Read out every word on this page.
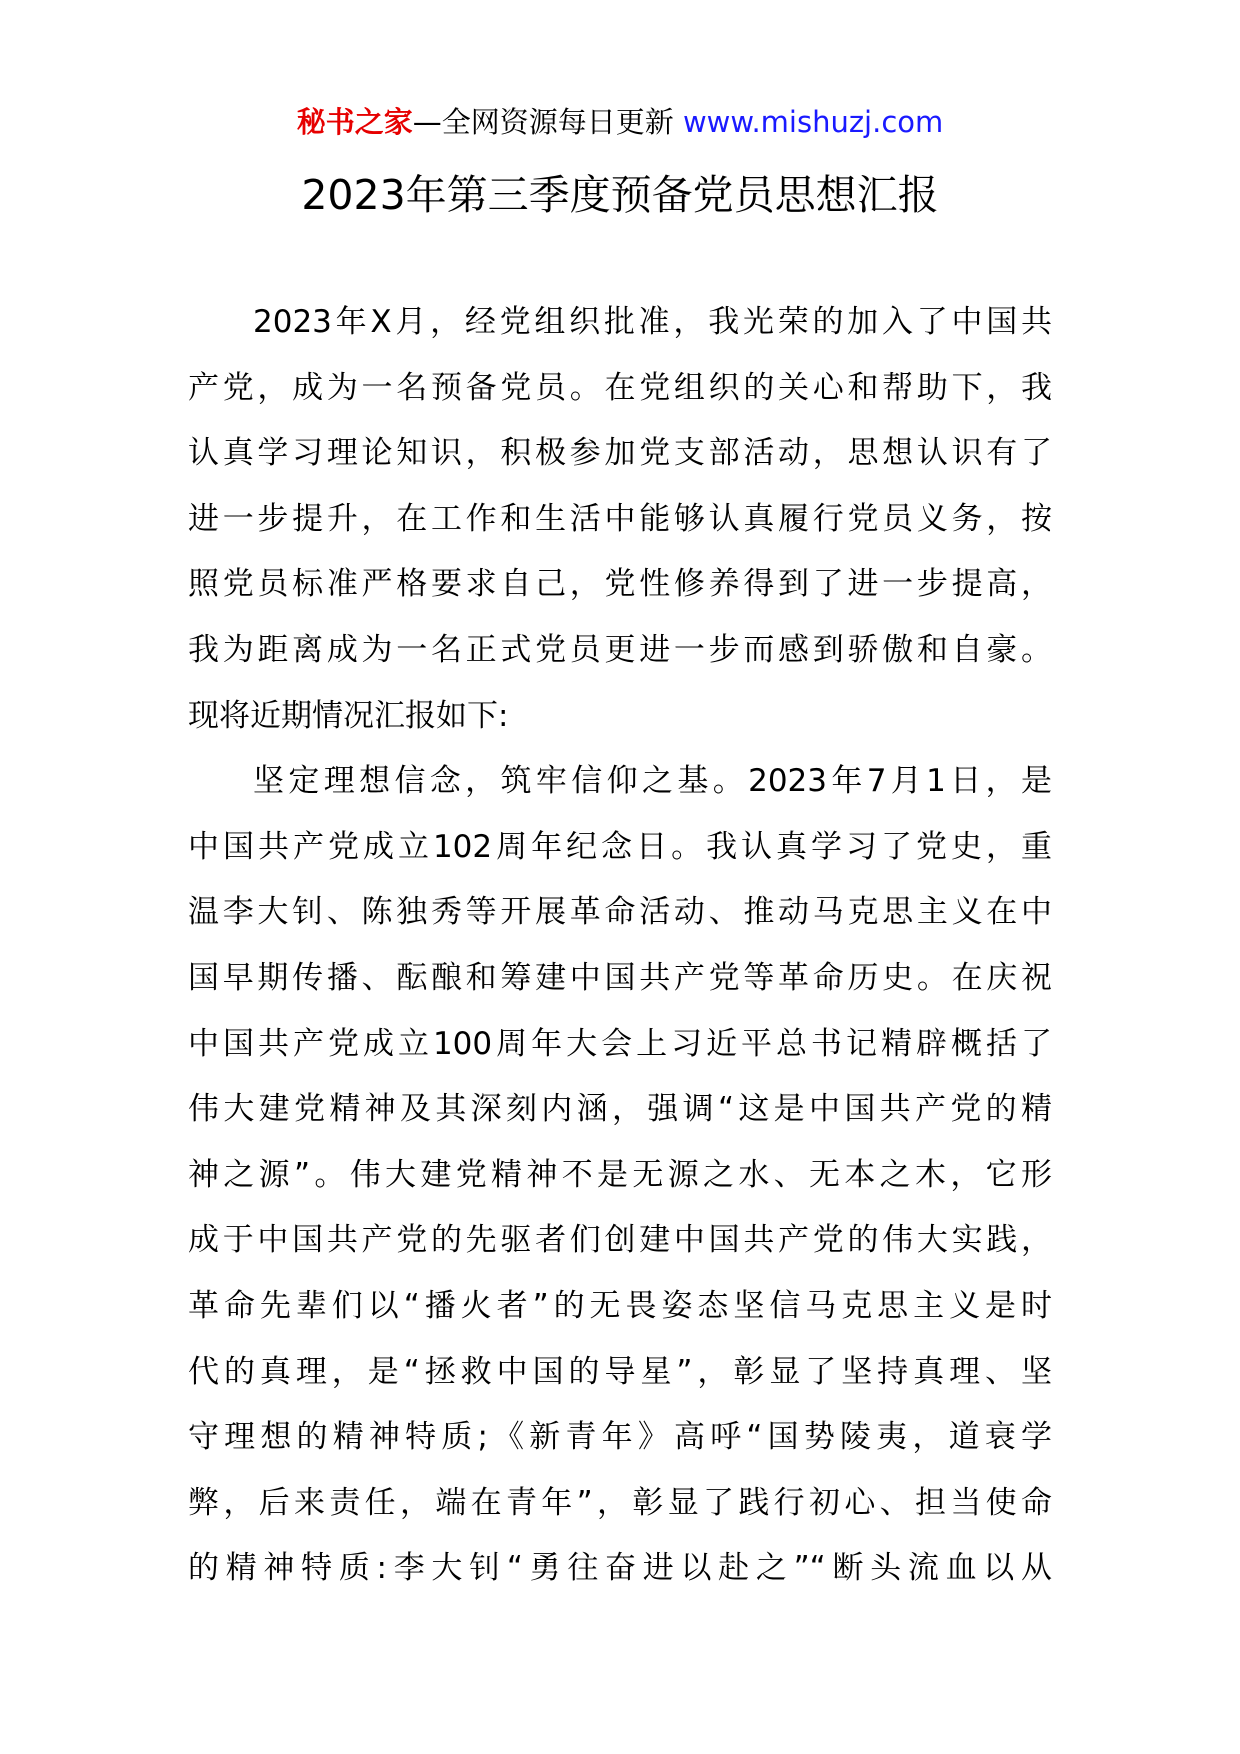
秘书之家—全网资源每日更新 www.mishuzj.com
2023年第三季度预备党员思想汇报
2023年X月，经党组织批准，我光荣的加入了中国共
产党，成为一名预备党员。在党组织的关心和帮助下，我
认真学习理论知识，积极参加党支部活动，思想认识有了
进一步提升，在工作和生活中能够认真履行党员义务，按
照党员标准严格要求自己，党性修养得到了进一步提高，
我为距离成为一名正式党员更进一步而感到骄傲和自豪。
现将近期情况汇报如下:
坚定理想信念，筑牢信仰之基。2023年7月1日，是
中国共产党成立102周年纪念日。我认真学习了党史，重
温李大钊、陈独秀等开展革命活动、推动马克思主义在中
国早期传播、酝酿和筹建中国共产党等革命历史。在庆祝
中国共产党成立100周年大会上习近平总书记精辟概括了
伟大建党精神及其深刻内涵，强调“这是中国共产党的精
神之源”。伟大建党精神不是无源之水、无本之木，它形
成于中国共产党的先驱者们创建中国共产党的伟大实践，
革命先辈们以“播火者”的无畏姿态坚信马克思主义是时
代的真理，是“拯救中国的导星”，彰显了坚持真理、坚
守理想的精神特质;《新青年》高呼“国势陵夷，道衰学
弊，后来责任，端在青年”，彰显了践行初心、担当使命
的精神特质:李大钊“勇往奋进以赴之”“断头流血以从
